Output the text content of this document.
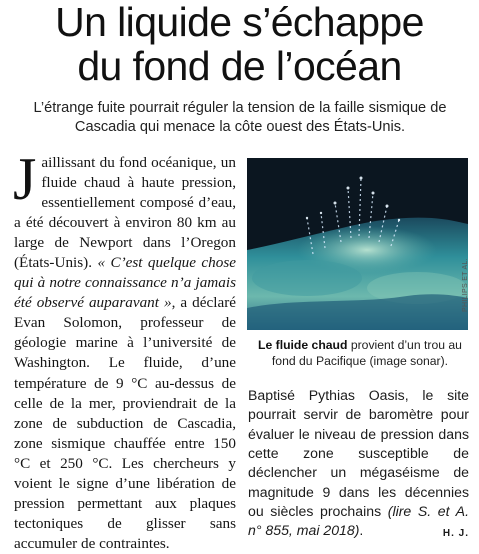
Un liquide s’échappe
du fond de l’océan

L’étrange fuite pourrait réguler la tension de la faille sismique de Cascadia qui menace la côte ouest des États-Unis.

Jaillissant du fond océanique, un fluide chaud à haute pression, essentiellement composé d’eau, a été découvert à environ 80 km au large de Newport dans l’Oregon (États-Unis). « C’est quelque chose qui à notre connaissance n’a jamais été observé auparavant », a déclaré Evan Solomon, professeur de géologie marine à l’université de Washington. Le fluide, d’une température de 9 °C au-dessus de celle de la mer, proviendrait de la zone de subduction de Cascadia, zone sismique chauffée entre 150 °C et 250 °C. Les chercheurs y voient le signe d’une libération de pression permettant aux plaques tectoniques de glisser sans accumuler de contraintes.
PHILIPS ET AL.

Le fluide chaud provient d’un trou au fond du Pacifique (image sonar).

Baptisé Pythias Oasis, le site pourrait servir de baromètre pour évaluer le niveau de pression dans cette zone susceptible de déclencher un mégaséisme de magnitude 9 dans les décennies ou siècles prochains (lire S. et A. n° 855, mai 2018).	H. J.
